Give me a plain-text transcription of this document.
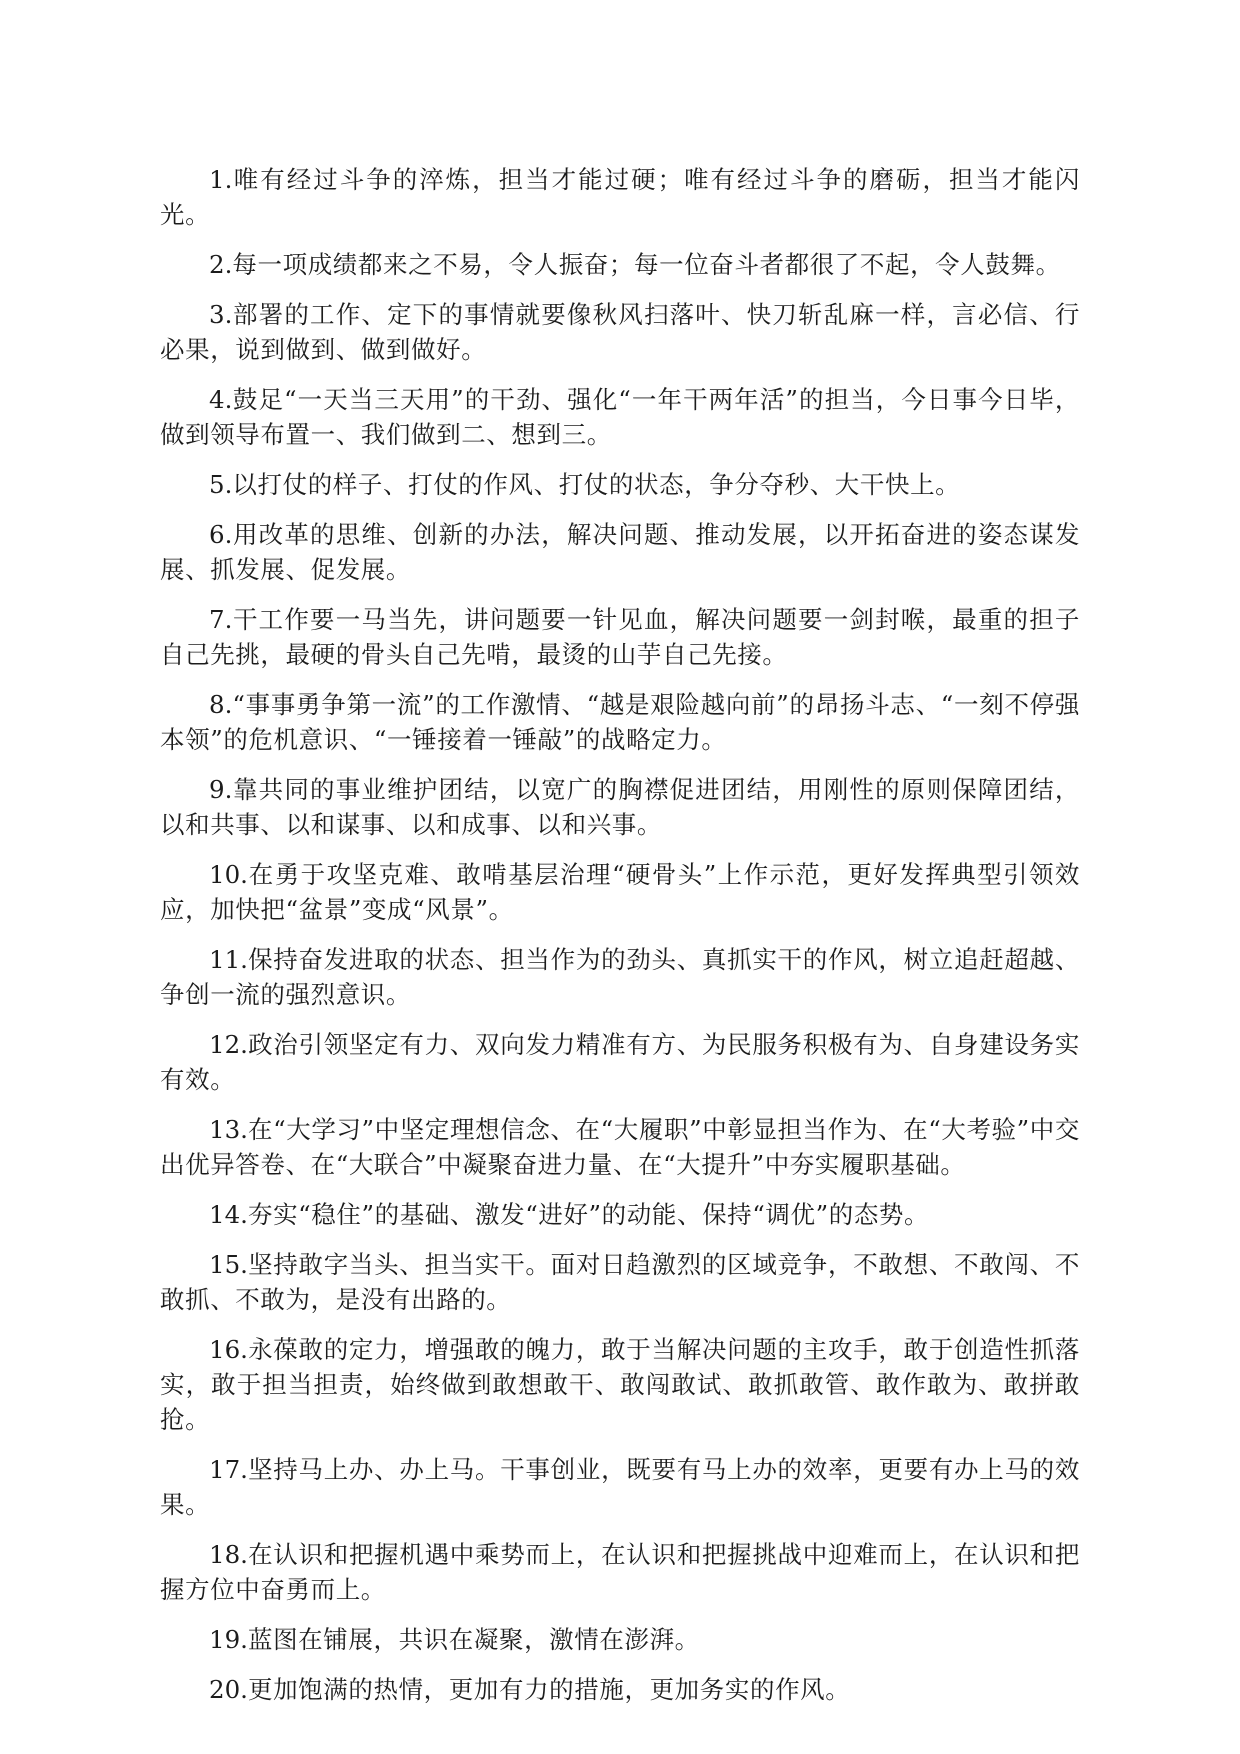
1.唯有经过斗争的淬炼，担当才能过硬；唯有经过斗争的磨砺，担当才能闪光。

2.每一项成绩都来之不易，令人振奋；每一位奋斗者都很了不起，令人鼓舞。

3.部署的工作、定下的事情就要像秋风扫落叶、快刀斩乱麻一样，言必信、行必果，说到做到、做到做好。

4.鼓足“一天当三天用”的干劲、强化“一年干两年活”的担当，今日事今日毕，做到领导布置一、我们做到二、想到三。

5.以打仗的样子、打仗的作风、打仗的状态，争分夺秒、大干快上。

6.用改革的思维、创新的办法，解决问题、推动发展，以开拓奋进的姿态谋发展、抓发展、促发展。

7.干工作要一马当先，讲问题要一针见血，解决问题要一剑封喉，最重的担子自己先挑，最硬的骨头自己先啃，最烫的山芋自己先接。

8.“事事勇争第一流”的工作激情、“越是艰险越向前”的昂扬斗志、“一刻不停强本领”的危机意识、“一锤接着一锤敲”的战略定力。

9.靠共同的事业维护团结，以宽广的胸襟促进团结，用刚性的原则保障团结，以和共事、以和谋事、以和成事、以和兴事。

10.在勇于攻坚克难、敢啃基层治理“硬骨头”上作示范，更好发挥典型引领效应，加快把“盆景”变成“风景”。

11.保持奋发进取的状态、担当作为的劲头、真抓实干的作风，树立追赶超越、争创一流的强烈意识。

12.政治引领坚定有力、双向发力精准有方、为民服务积极有为、自身建设务实有效。

13.在“大学习”中坚定理想信念、在“大履职”中彰显担当作为、在“大考验”中交出优异答卷、在“大联合”中凝聚奋进力量、在“大提升”中夯实履职基础。

14.夯实“稳住”的基础、激发“进好”的动能、保持“调优”的态势。

15.坚持敢字当头、担当实干。面对日趋激烈的区域竞争，不敢想、不敢闯、不敢抓、不敢为，是没有出路的。

16.永葆敢的定力，增强敢的魄力，敢于当解决问题的主攻手，敢于创造性抓落实，敢于担当担责，始终做到敢想敢干、敢闯敢试、敢抓敢管、敢作敢为、敢拼敢抢。

17.坚持马上办、办上马。干事创业，既要有马上办的效率，更要有办上马的效果。

18.在认识和把握机遇中乘势而上，在认识和把握挑战中迎难而上，在认识和把握方位中奋勇而上。

19.蓝图在铺展，共识在凝聚，激情在澎湃。

20.更加饱满的热情，更加有力的措施，更加务实的作风。
